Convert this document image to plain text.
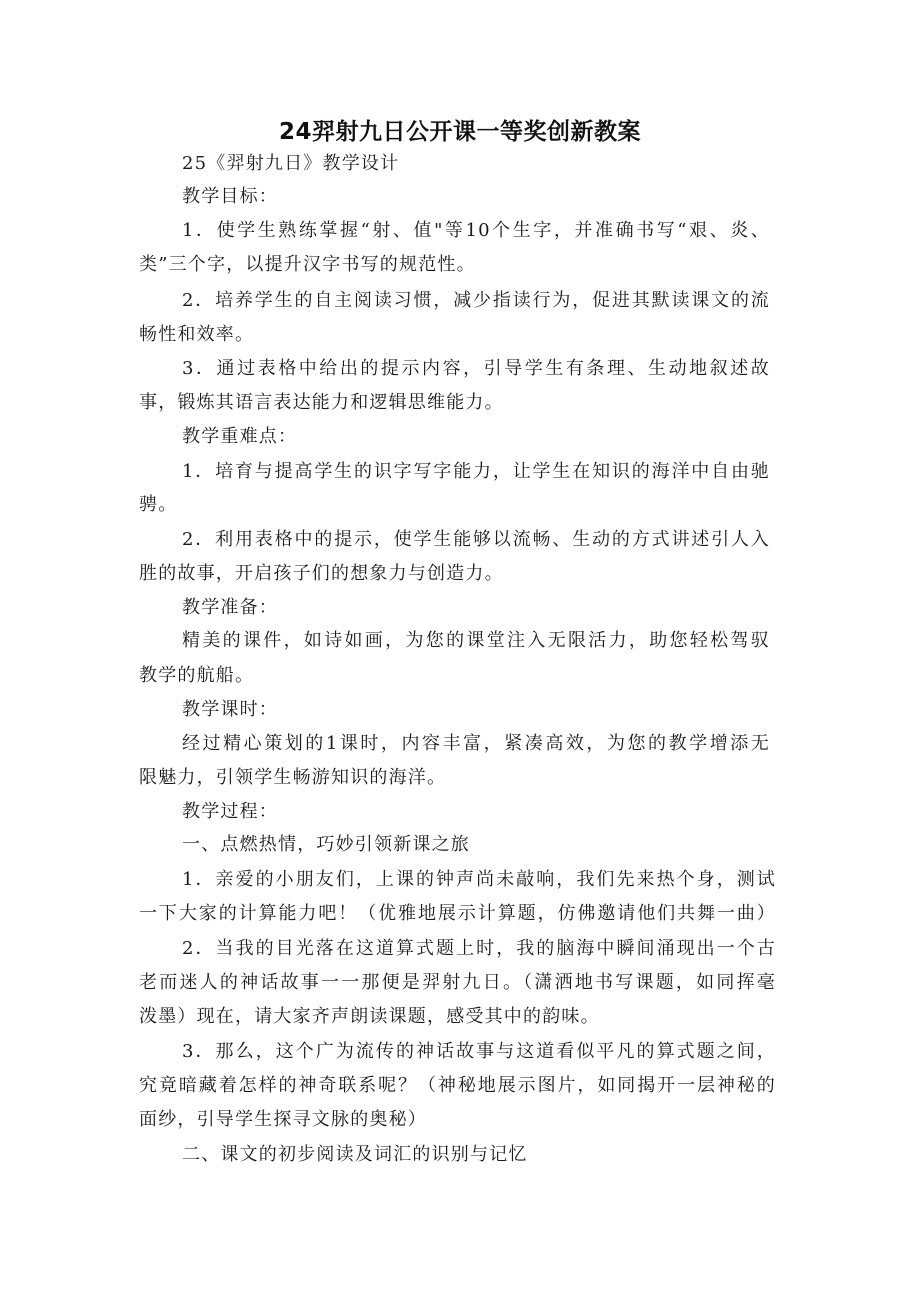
24羿射九日公开课一等奖创新教案
25《羿射九日》教学设计
教学目标：
1．使学生熟练掌握“射、值"等10个生字，并准确书写“艰、炎、
类”三个字，以提升汉字书写的规范性。
2．培养学生的自主阅读习惯，减少指读行为，促进其默读课文的流
畅性和效率。
3．通过表格中给出的提示内容，引导学生有条理、生动地叙述故
事，锻炼其语言表达能力和逻辑思维能力。
教学重难点：
1．培育与提高学生的识字写字能力，让学生在知识的海洋中自由驰
骋。
2．利用表格中的提示，使学生能够以流畅、生动的方式讲述引人入
胜的故事，开启孩子们的想象力与创造力。
教学准备：
精美的课件，如诗如画，为您的课堂注入无限活力，助您轻松驾驭
教学的航船。
教学课时：
经过精心策划的1课时，内容丰富，紧凑高效，为您的教学增添无
限魅力，引领学生畅游知识的海洋。
教学过程：
一、点燃热情，巧妙引领新课之旅
1．亲爱的小朋友们，上课的钟声尚未敲响，我们先来热个身，测试
一下大家的计算能力吧！（优雅地展示计算题，仿佛邀请他们共舞一曲）
2．当我的目光落在这道算式题上时，我的脑海中瞬间涌现出一个古
老而迷人的神话故事一一那便是羿射九日。（潇洒地书写课题，如同挥毫
泼墨）现在，请大家齐声朗读课题，感受其中的韵味。
3．那么，这个广为流传的神话故事与这道看似平凡的算式题之间，
究竟暗藏着怎样的神奇联系呢？（神秘地展示图片，如同揭开一层神秘的
面纱，引导学生探寻文脉的奥秘）
二、课文的初步阅读及词汇的识别与记忆
